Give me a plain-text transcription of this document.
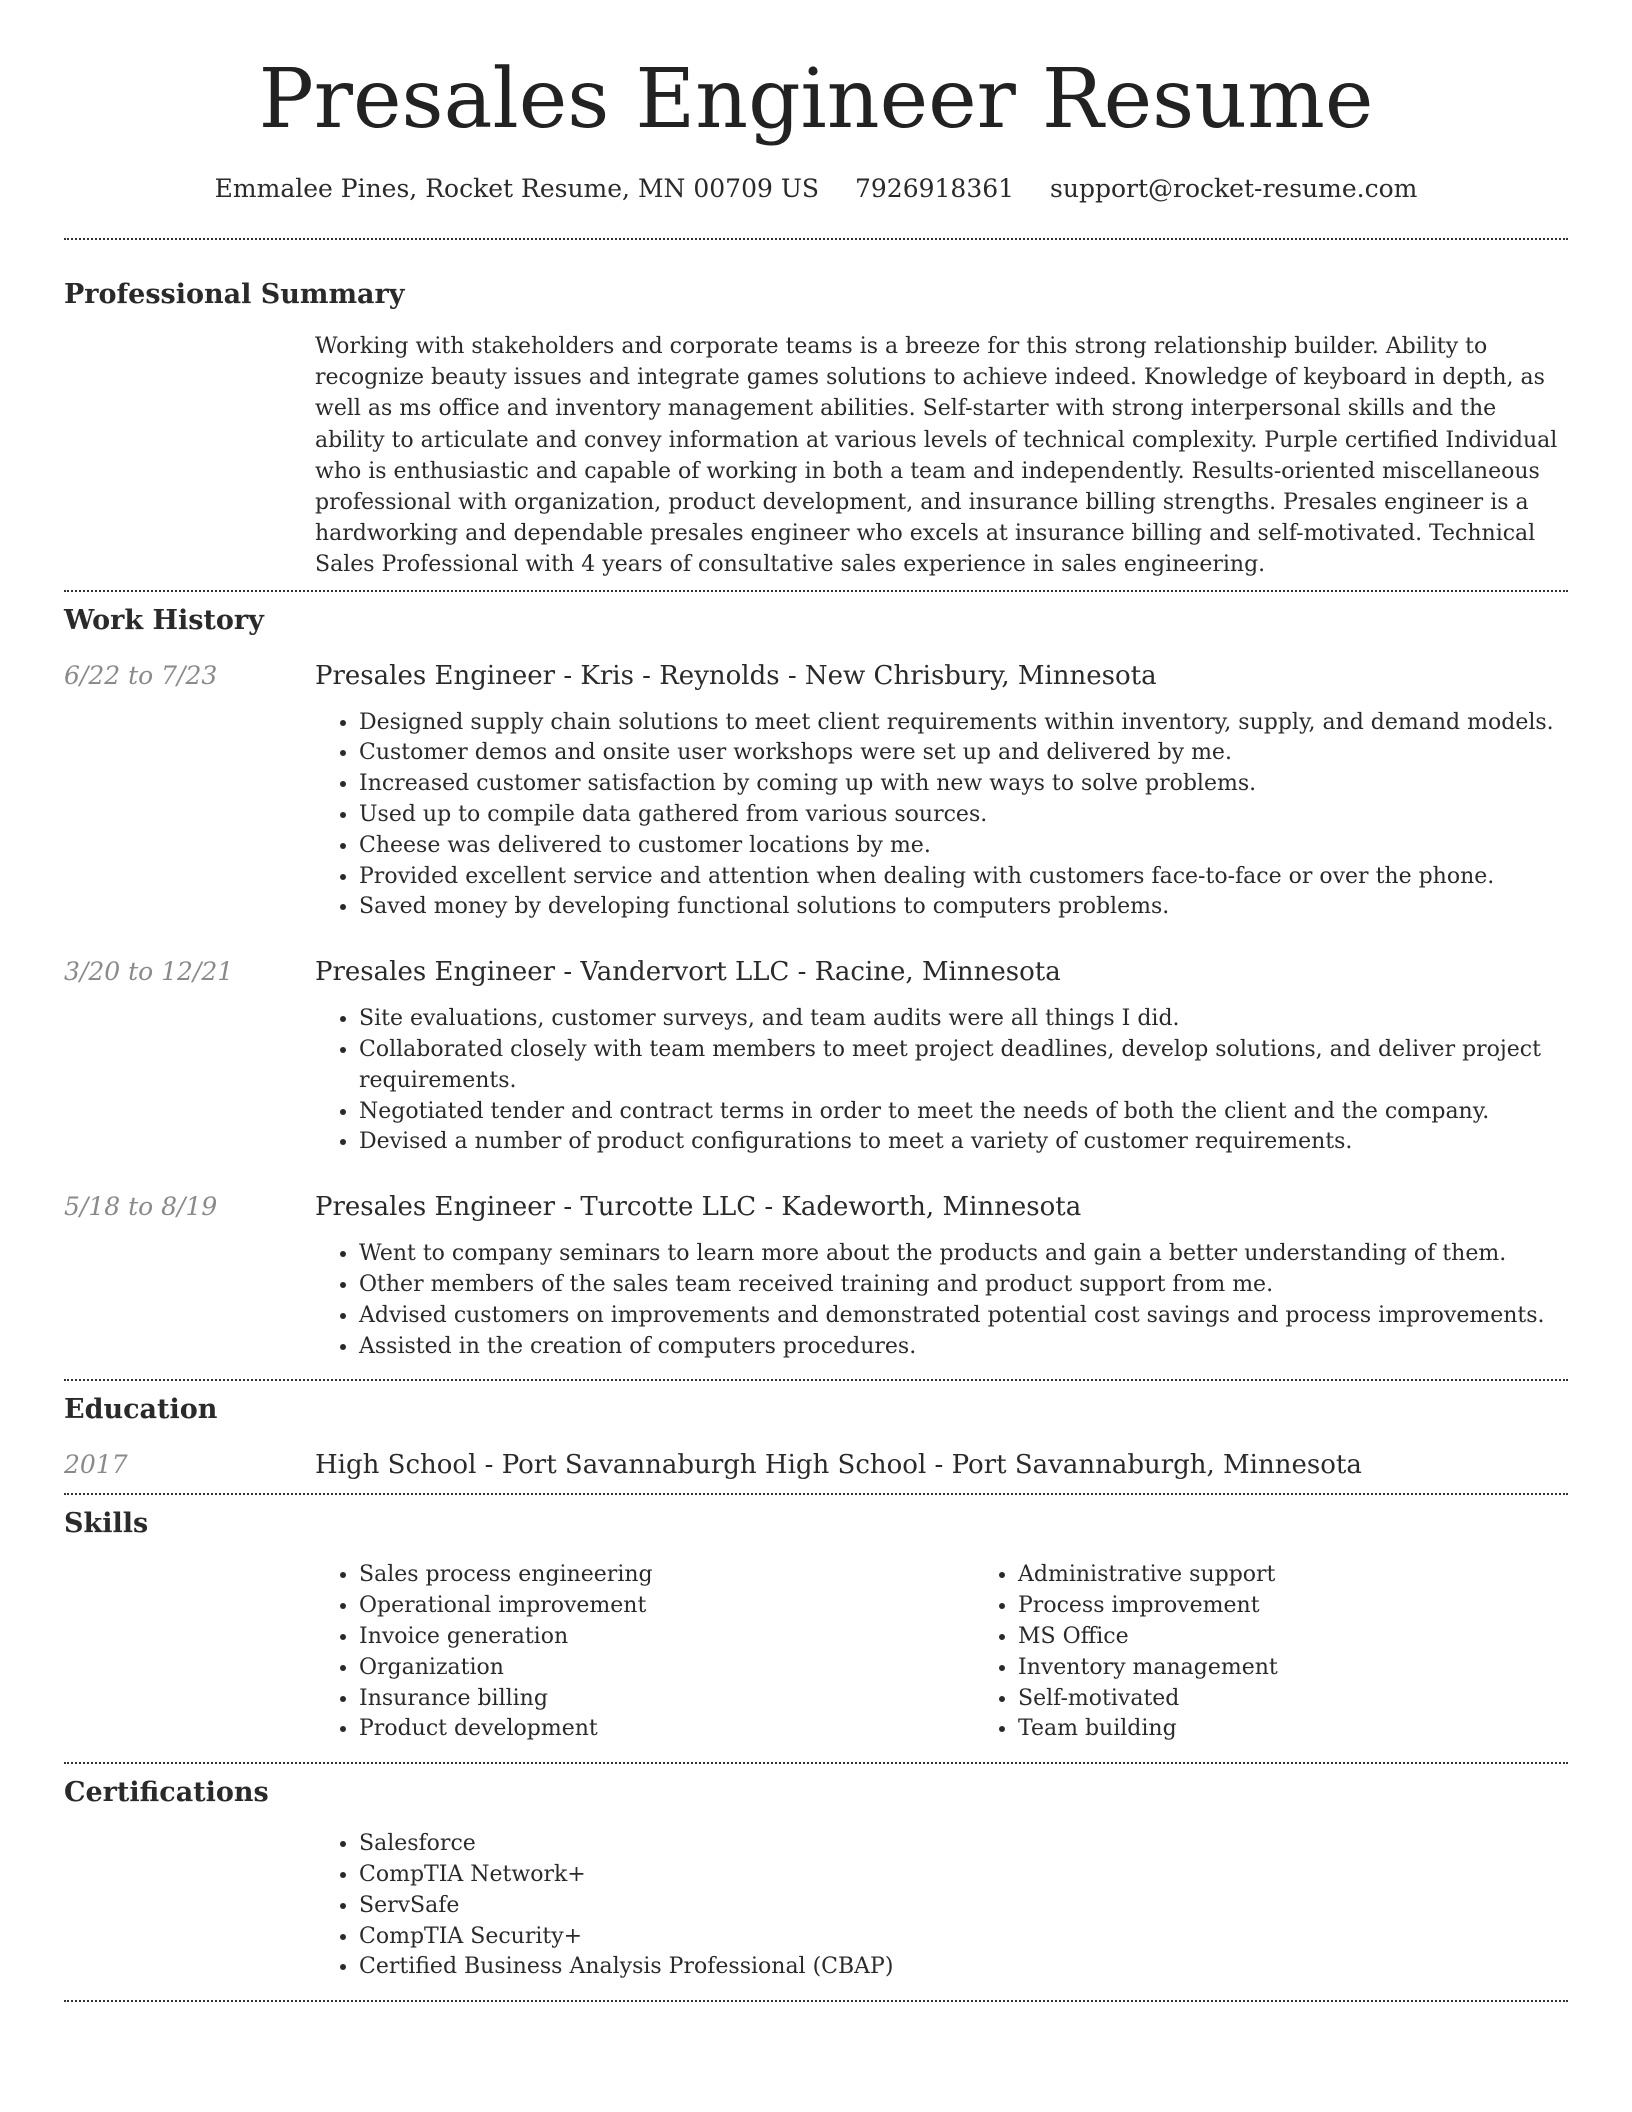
Presales Engineer Resume
Emmalee Pines, Rocket Resume, MN 00709 US 7926918361 support@rocket-resume.com
Professional Summary

Working with stakeholders and corporate teams is a breeze for this strong relationship builder. Ability to recognize beauty issues and integrate games solutions to achieve indeed. Knowledge of keyboard in depth, as well as ms office and inventory management abilities. Self-starter with strong interpersonal skills and the ability to articulate and convey information at various levels of technical complexity. Purple certified Individual who is enthusiastic and capable of working in both a team and independently. Results-oriented miscellaneous professional with organization, product development, and insurance billing strengths. Presales engineer is a hardworking and dependable presales engineer who excels at insurance billing and self-motivated. Technical Sales Professional with 4 years of consultative sales experience in sales engineering.

Work History
6/22 to 7/23	Presales Engineer - Kris - Reynolds - New Chrisbury, Minnesota
• Designed supply chain solutions to meet client requirements within inventory, supply, and demand models.
• Customer demos and onsite user workshops were set up and delivered by me.
• Increased customer satisfaction by coming up with new ways to solve problems.
• Used up to compile data gathered from various sources.
• Cheese was delivered to customer locations by me.
• Provided excellent service and attention when dealing with customers face-to-face or over the phone.
• Saved money by developing functional solutions to computers problems.
3/20 to 12/21	Presales Engineer - Vandervort LLC - Racine, Minnesota
• Site evaluations, customer surveys, and team audits were all things I did.
• Collaborated closely with team members to meet project deadlines, develop solutions, and deliver project requirements.
• Negotiated tender and contract terms in order to meet the needs of both the client and the company.
• Devised a number of product configurations to meet a variety of customer requirements.
5/18 to 8/19	Presales Engineer - Turcotte LLC - Kadeworth, Minnesota
• Went to company seminars to learn more about the products and gain a better understanding of them.
• Other members of the sales team received training and product support from me.
• Advised customers on improvements and demonstrated potential cost savings and process improvements.
• Assisted in the creation of computers procedures.
Education
2017	High School - Port Savannaburgh High School - Port Savannaburgh, Minnesota
Skills
• Sales process engineering
• Operational improvement
• Invoice generation
• Organization
• Insurance billing
• Product development
• Administrative support
• Process improvement
• MS Office
• Inventory management
• Self-motivated
• Team building
Certifications
• Salesforce
• CompTIA Network+
• ServSafe
• CompTIA Security+
• Certified Business Analysis Professional (CBAP)
